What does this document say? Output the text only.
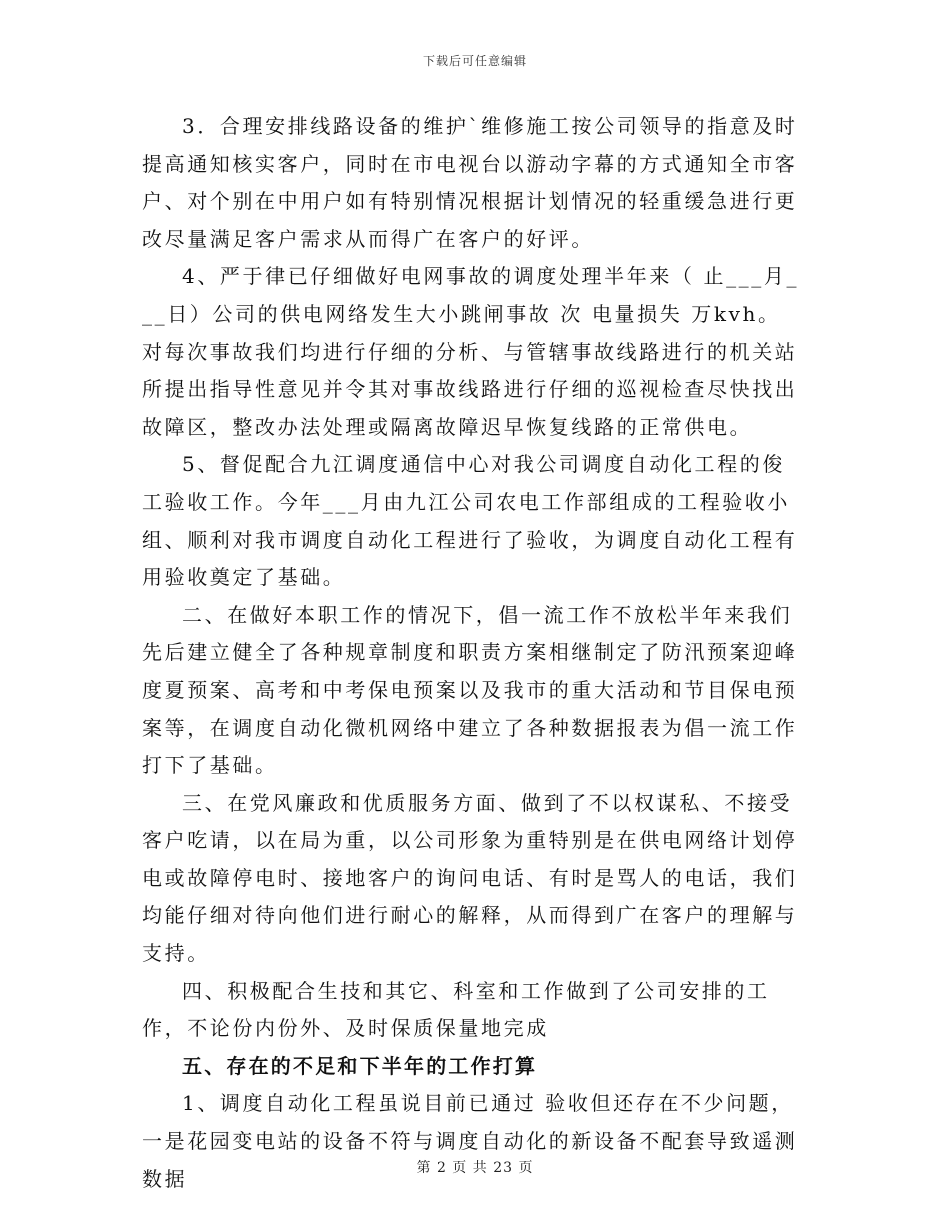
下载后可任意编辑

3．合理安排线路设备的维护`维修施工按公司领导的指意及时提高通知核实客户，同时在市电视台以游动字幕的方式通知全市客户、对个别在中用户如有特别情况根据计划情况的轻重缓急进行更改尽量满足客户需求从而得广在客户的好评。

4、严于律已仔细做好电网事故的调度处理半年来（ 止___月___日）公司的供电网络发生大小跳闸事故 次 电量损失 万kvh。对每次事故我们均进行仔细的分析、与管辖事故线路进行的机关站所提出指导性意见并令其对事故线路进行仔细的巡视检查尽快找出故障区，整改办法处理或隔离故障迟早恢复线路的正常供电。

5、督促配合九江调度通信中心对我公司调度自动化工程的俊工验收工作。今年___月由九江公司农电工作部组成的工程验收小组、顺利对我市调度自动化工程进行了验收，为调度自动化工程有用验收奠定了基础。

二、在做好本职工作的情况下，倡一流工作不放松半年来我们先后建立健全了各种规章制度和职责方案相继制定了防汛预案迎峰度夏预案、高考和中考保电预案以及我市的重大活动和节目保电预案等，在调度自动化微机网络中建立了各种数据报表为倡一流工作打下了基础。

三、在党风廉政和优质服务方面、做到了不以权谋私、不接受客户吃请，以在局为重，以公司形象为重特别是在供电网络计划停电或故障停电时、接地客户的询问电话、有时是骂人的电话，我们均能仔细对待向他们进行耐心的解释，从而得到广在客户的理解与支持。

四、积极配合生技和其它、科室和工作做到了公司安排的工作，不论份内份外、及时保质保量地完成

五、存在的不足和下半年的工作打算

1、调度自动化工程虽说目前已通过 验收但还存在不少问题，一是花园变电站的设备不符与调度自动化的新设备不配套导致遥测数据	第 2 页 共 23 页
